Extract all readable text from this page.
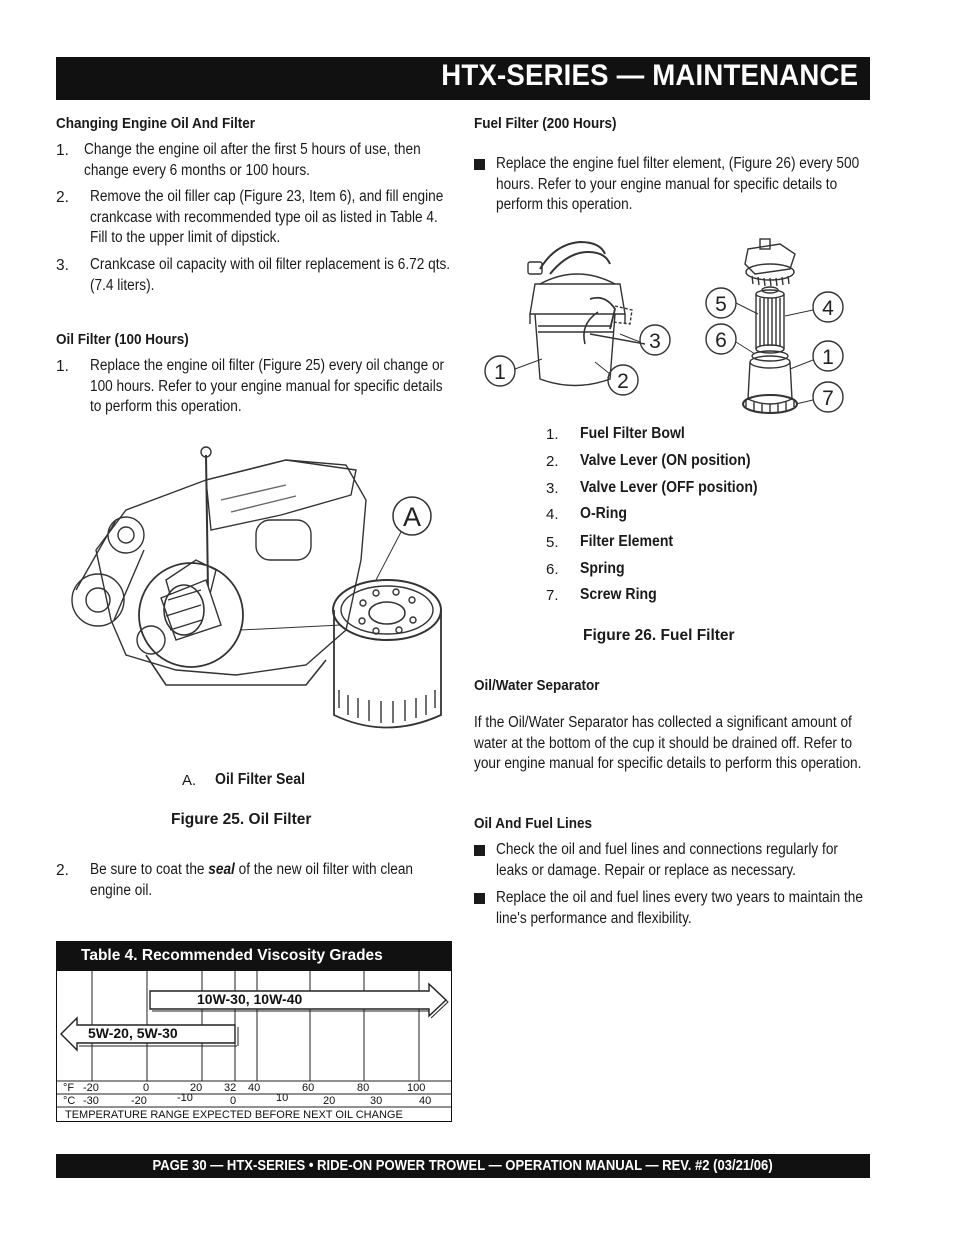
HTX-SERIES — MAINTENANCE
Changing Engine Oil And Filter
1. Change the engine oil after the first 5 hours of use, then change every 6 months or 100 hours.
2. Remove the oil filler cap (Figure 23, Item 6), and fill engine crankcase with recommended type oil as listed in Table 4. Fill to the upper limit of dipstick.
3. Crankcase oil capacity with oil filter replacement is 6.72 qts. (7.4 liters).
Oil Filter (100 Hours)
1. Replace the engine oil filter (Figure 25) every oil change or 100 hours. Refer to your engine manual for specific details to perform this operation.
A
A. Oil Filter Seal
Figure 25. Oil Filter
2. Be sure to coat the seal of the new oil filter with clean engine oil.
Table 4. Recommended Viscosity Grades
10W-30, 10W-40
5W-20, 5W-30
°F -20	0	20 32 40	60	80	100
°C -30	-20	-10	0	10	20	30	40
TEMPERATURE RANGE EXPECTED BEFORE NEXT OIL CHANGE
Fuel Filter (200 Hours)
Replace the engine fuel filter element, (Figure 26) every 500 hours. Refer to your engine manual for specific details to perform this operation.
1	2
3
5	4
6
1
7
1. Fuel Filter Bowl
2. Valve Lever (ON position)
3. Valve Lever (OFF position)
4. O-Ring
5. Filter Element
6. Spring
7. Screw Ring
Figure 26. Fuel Filter
Oil/Water Separator
If the Oil/Water Separator has collected a significant amount of water at the bottom of the cup it should be drained off. Refer to your engine manual for specific details to perform this operation.
Oil And Fuel Lines
Check the oil and fuel lines and connections regularly for leaks or damage. Repair or replace as necessary.
Replace the oil and fuel lines every two years to maintain the line's performance and flexibility.
PAGE 30 — HTX-SERIES • RIDE-ON POWER TROWEL — OPERATION MANUAL — REV. #2 (03/21/06)
